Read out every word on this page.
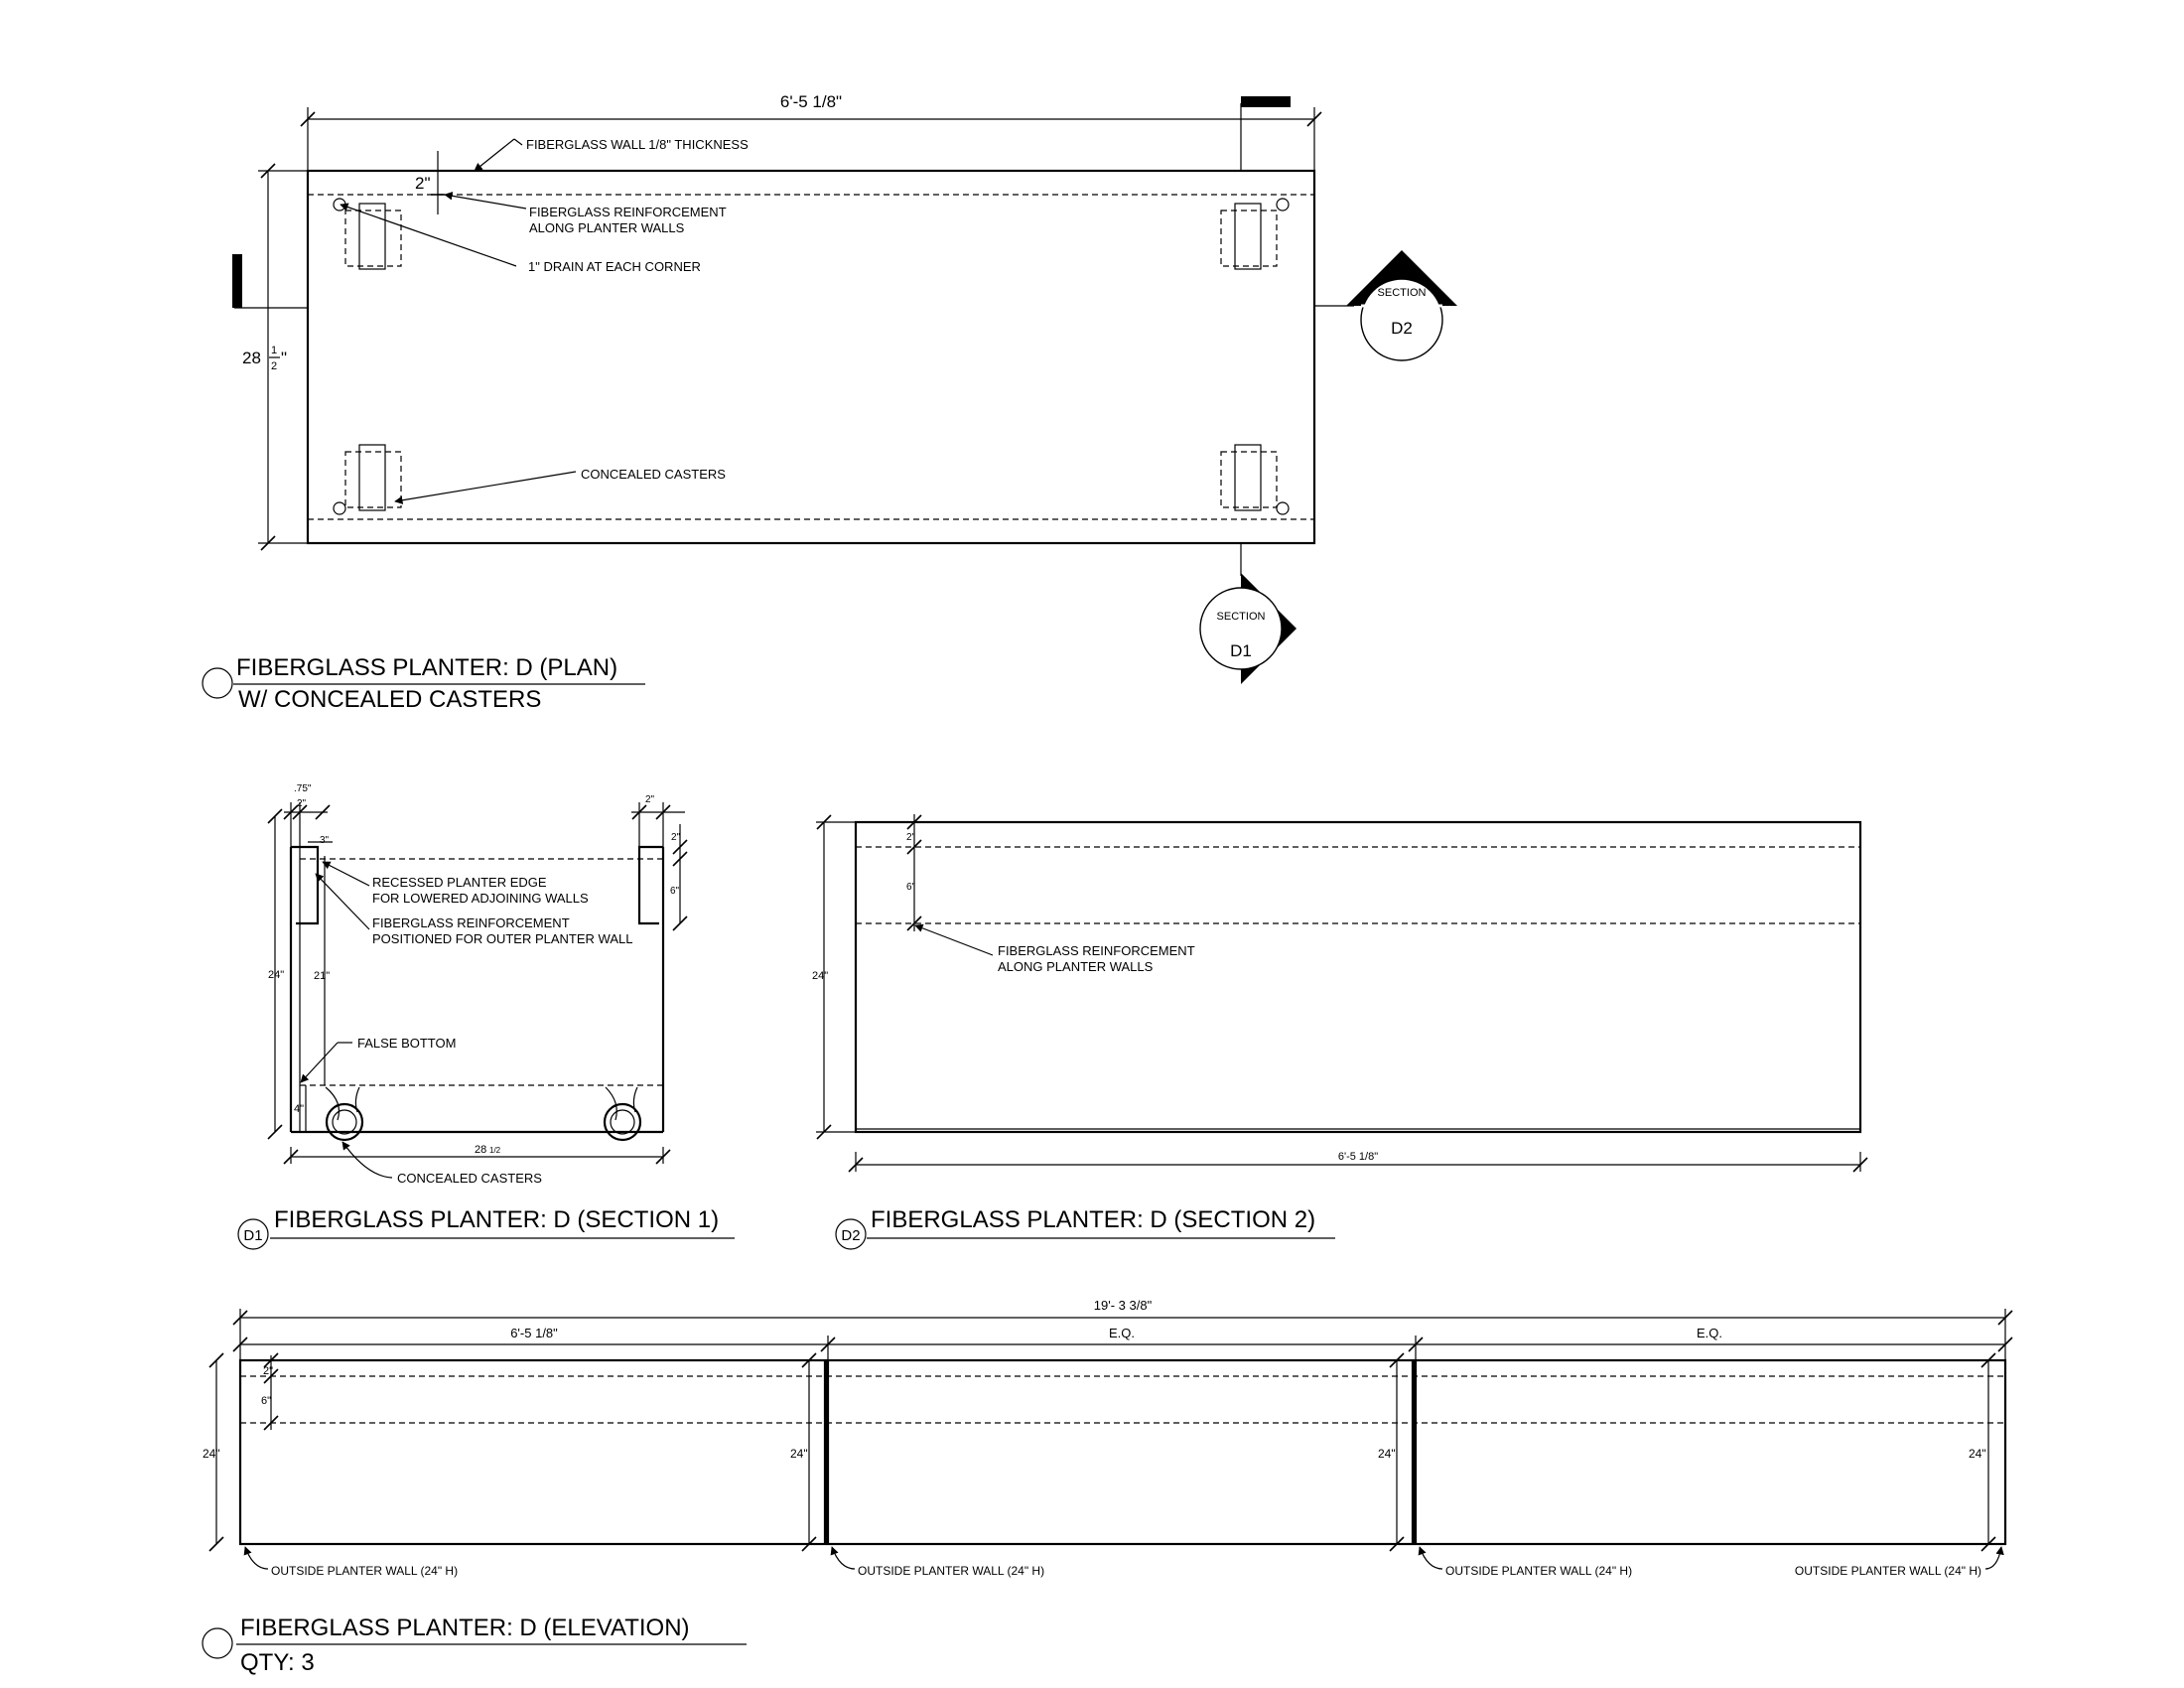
6'-5 1/8"
FIBERGLASS WALL 1/8" THICKNESS
2"
FIBERGLASS REINFORCEMENT
ALONG PLANTER WALLS
1" DRAIN AT EACH CORNER
CONCEALED CASTERS
28 1
2 "
SECTION
D2
SECTION
D1
FIBERGLASS PLANTER: D (PLAN)
W/ CONCEALED CASTERS
.75"
2"
3"
2"
2"
6"
24"	21"
4"
28 1/2
RECESSED PLANTER EDGE
FOR LOWERED ADJOINING WALLS
FIBERGLASS REINFORCEMENT
POSITIONED FOR OUTER PLANTER WALL
FALSE BOTTOM
CONCEALED CASTERS
D1
FIBERGLASS PLANTER: D (SECTION 1)
2"
6"
24"
6'-5 1/8"
FIBERGLASS REINFORCEMENT
ALONG PLANTER WALLS
D2
FIBERGLASS PLANTER: D (SECTION 2)
19'- 3 3/8"
6'-5 1/8"	E.Q.	E.Q.
2"
6"
24"	24"	24"	24"
OUTSIDE PLANTER WALL (24" H)	OUTSIDE PLANTER WALL (24" H)	OUTSIDE PLANTER WALL (24" H)	OUTSIDE PLANTER WALL (24" H)
FIBERGLASS PLANTER: D (ELEVATION)
QTY: 3
